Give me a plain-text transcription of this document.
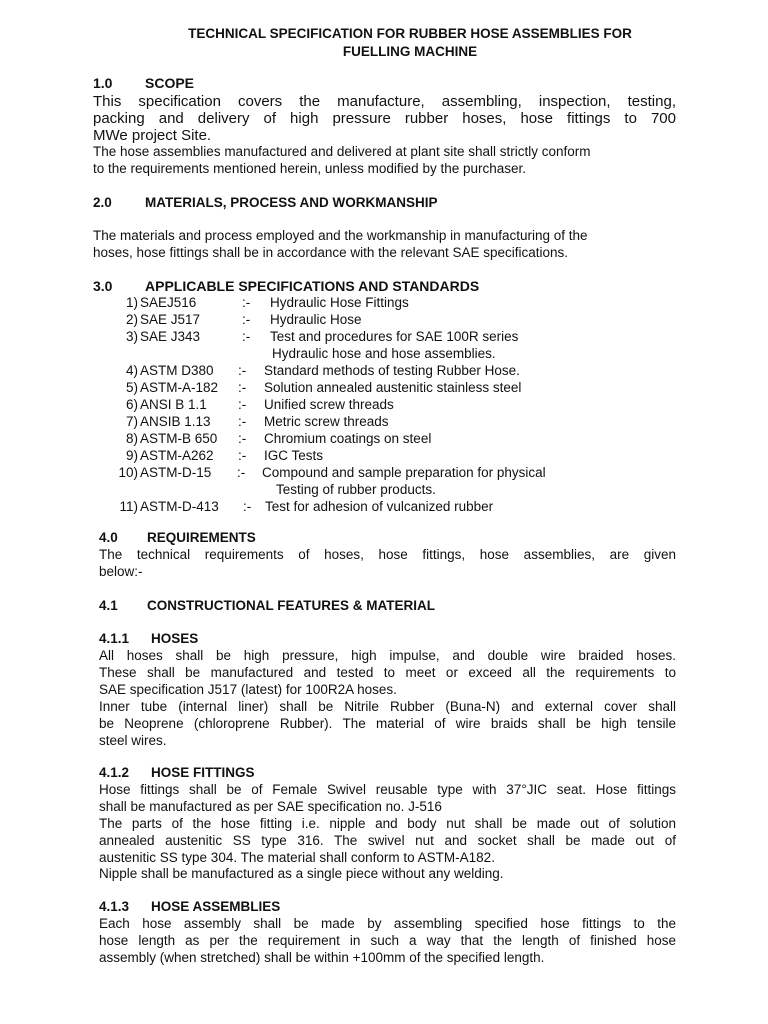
TECHNICAL SPECIFICATION FOR RUBBER HOSE ASSEMBLIES FOR
FUELLING MACHINE
1.0 SCOPE
This specification covers the manufacture, assembling, inspection, testing,
packing and delivery of high pressure rubber hoses, hose fittings to 700
MWe project Site.
The hose assemblies manufactured and delivered at plant site shall strictly conform
to the requirements mentioned herein, unless modified by the purchaser.
2.0 MATERIALS, PROCESS AND WORKMANSHIP
The materials and process employed and the workmanship in manufacturing of the
hoses, hose fittings shall be in accordance with the relevant SAE specifications.
3.0 APPLICABLE SPECIFICATIONS AND STANDARDS
1) SAEJ516	:- Hydraulic Hose Fittings
2) SAE J517	:- Hydraulic Hose
3) SAE J343	:- Test and procedures for SAE 100R series
Hydraulic hose and hose assemblies.
4) ASTM D380 :- Standard methods of testing Rubber Hose.
5) ASTM-A-182 :- Solution annealed austenitic stainless steel
6) ANSI B 1.1 :- Unified screw threads
7) ANSIB 1.13 :- Metric screw threads
8) ASTM-B 650 :- Chromium coatings on steel
9) ASTM-A262 :- IGC Tests
10) ASTM-D-15 :- Compound and sample preparation for physical
Testing of rubber products.
11) ASTM-D-413 :- Test for adhesion of vulcanized rubber
4.0 REQUIREMENTS
The technical requirements of hoses, hose fittings, hose assemblies, are given
below:-
4.1 CONSTRUCTIONAL FEATURES & MATERIAL
4.1.1 HOSES
All hoses shall be high pressure, high impulse, and double wire braided hoses.
These shall be manufactured and tested to meet or exceed all the requirements to
SAE specification J517 (latest) for 100R2A hoses.
Inner tube (internal liner) shall be Nitrile Rubber (Buna-N) and external cover shall
be Neoprene (chloroprene Rubber). The material of wire braids shall be high tensile
steel wires.
4.1.2 HOSE FITTINGS
Hose fittings shall be of Female Swivel reusable type with 37°JIC seat. Hose fittings
shall be manufactured as per SAE specification no. J-516
The parts of the hose fitting i.e. nipple and body nut shall be made out of solution
annealed austenitic SS type 316. The swivel nut and socket shall be made out of
austenitic SS type 304. The material shall conform to ASTM-A182.
Nipple shall be manufactured as a single piece without any welding.
4.1.3 HOSE ASSEMBLIES
Each hose assembly shall be made by assembling specified hose fittings to the
hose length as per the requirement in such a way that the length of finished hose
assembly (when stretched) shall be within +100mm of the specified length.
